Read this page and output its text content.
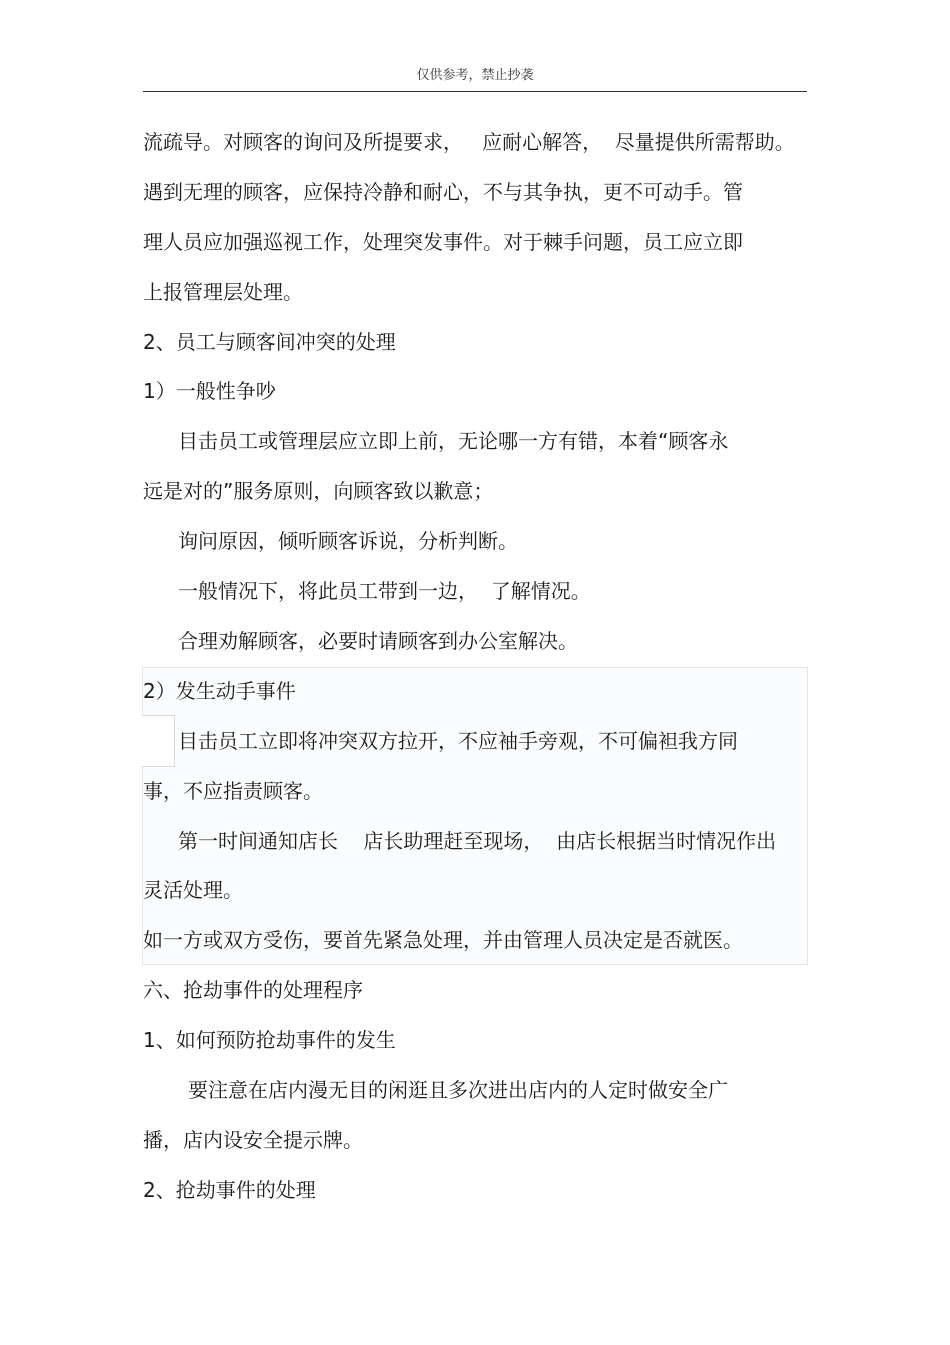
仅供参考，禁止抄袭
流疏导。对顾客的询问及所提要求，   应耐心解答，  尽量提供所需帮助。
遇到无理的顾客，应保持冷静和耐心，不与其争执，更不可动手。管
理人员应加强巡视工作，处理突发事件。对于棘手问题，员工应立即
上报管理层处理。
2、员工与顾客间冲突的处理
1）一般性争吵
目击员工或管理层应立即上前，无论哪一方有错，本着“顾客永
远是对的”服务原则，向顾客致以歉意；
询问原因，倾听顾客诉说，分析判断。
一般情况下，将此员工带到一边，  了解情况。
合理劝解顾客，必要时请顾客到办公室解决。
2）发生动手事件
目击员工立即将冲突双方拉开，不应袖手旁观，不可偏袒我方同
事，不应指责顾客。
第一时间通知店长    店长助理赶至现场，  由店长根据当时情况作出
灵活处理。
如一方或双方受伤，要首先紧急处理，并由管理人员决定是否就医。
六、抢劫事件的处理程序
1、如何预防抢劫事件的发生
要注意在店内漫无目的闲逛且多次进出店内的人定时做安全广
播，店内设安全提示牌。
2、抢劫事件的处理
